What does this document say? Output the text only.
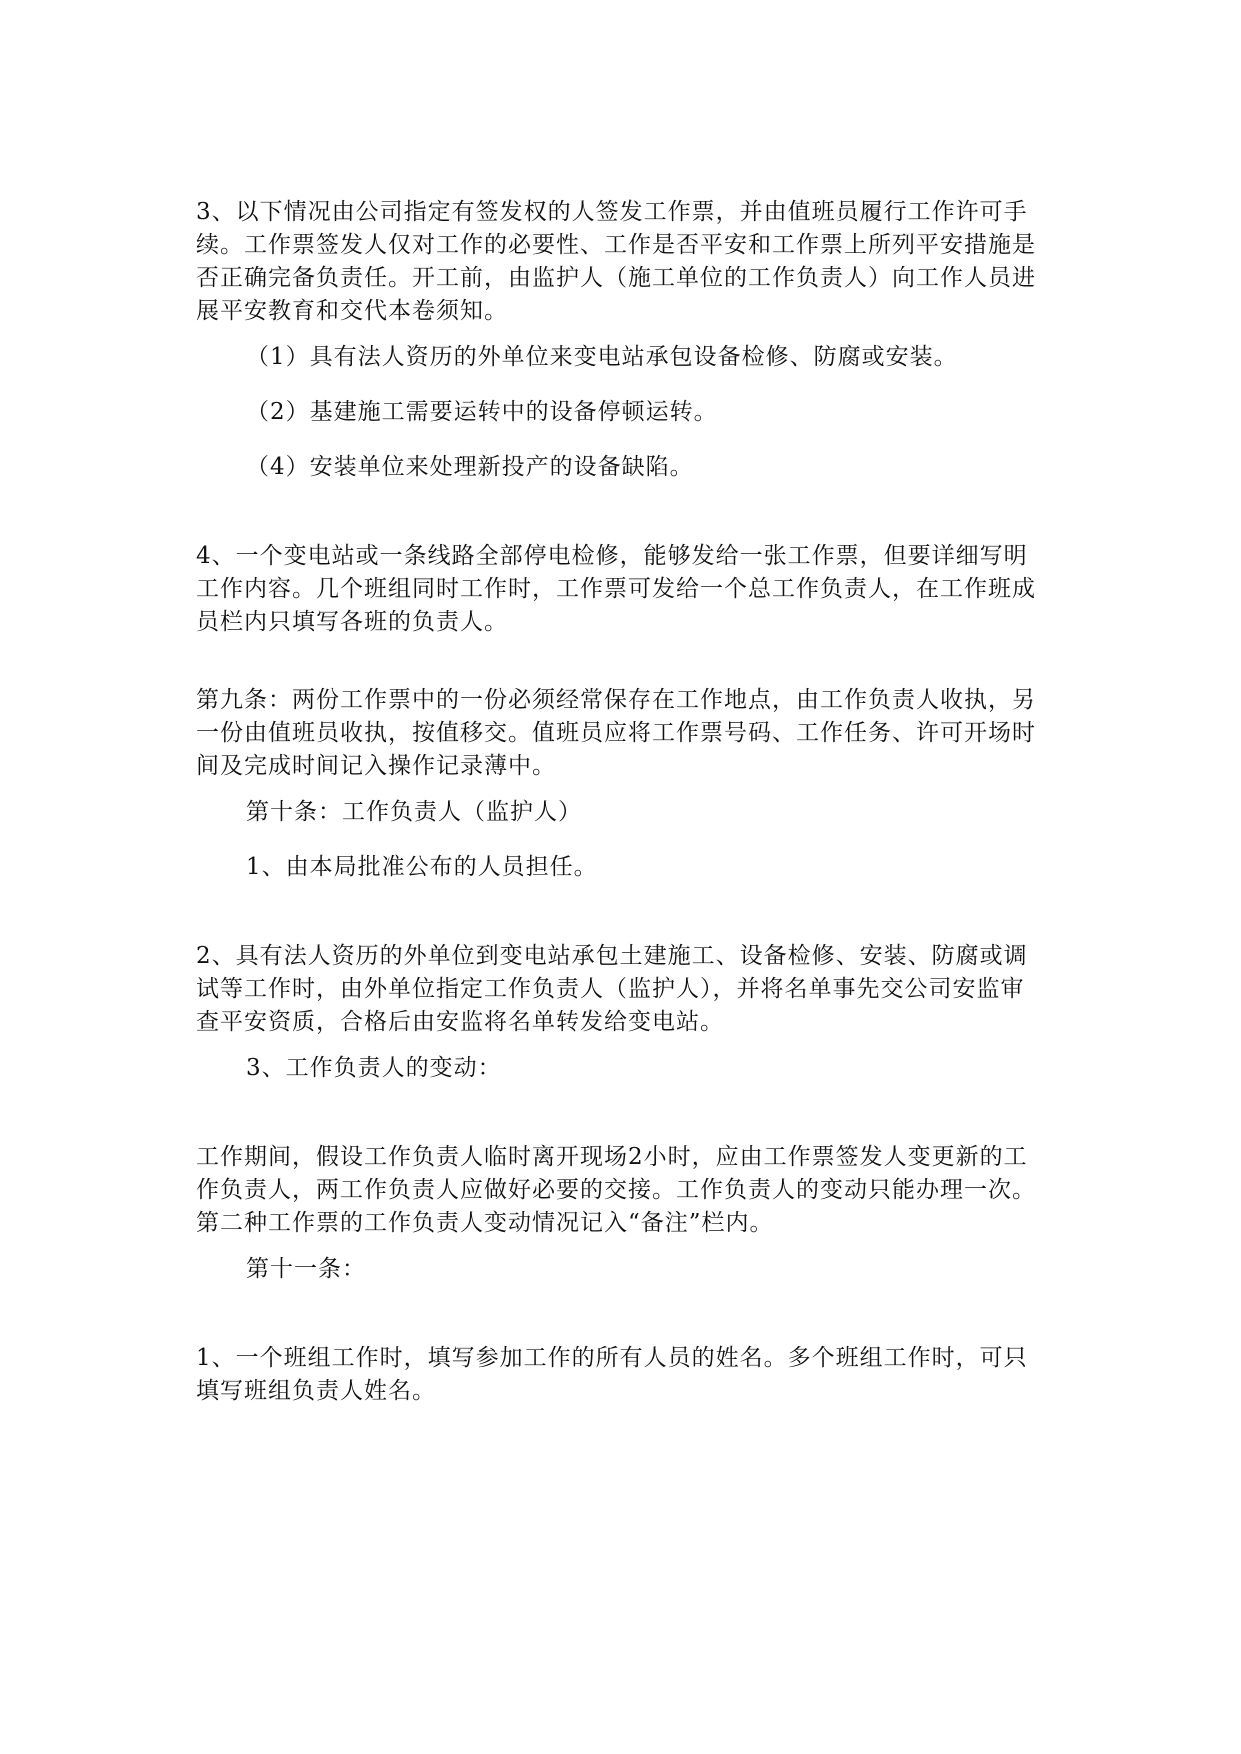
3、以下情况由公司指定有签发权的人签发工作票，并由值班员履行工作许可手续。工作票签发人仅对工作的必要性、工作是否平安和工作票上所列平安措施是否正确完备负责任。开工前，由监护人（施工单位的工作负责人）向工作人员进展平安教育和交代本卷须知。

（1）具有法人资历的外单位来变电站承包设备检修、防腐或安装。

（2）基建施工需要运转中的设备停顿运转。

（4）安装单位来处理新投产的设备缺陷。

4、一个变电站或一条线路全部停电检修，能够发给一张工作票，但要详细写明工作内容。几个班组同时工作时，工作票可发给一个总工作负责人，在工作班成员栏内只填写各班的负责人。

第九条：两份工作票中的一份必须经常保存在工作地点，由工作负责人收执，另一份由值班员收执，按值移交。值班员应将工作票号码、工作任务、许可开场时间及完成时间记入操作记录薄中。

第十条：工作负责人（监护人）

1、由本局批准公布的人员担任。

2、具有法人资历的外单位到变电站承包土建施工、设备检修、安装、防腐或调试等工作时，由外单位指定工作负责人（监护人），并将名单事先交公司安监审查平安资质，合格后由安监将名单转发给变电站。

3、工作负责人的变动：

工作期间，假设工作负责人临时离开现场2小时，应由工作票签发人变更新的工作负责人，两工作负责人应做好必要的交接。工作负责人的变动只能办理一次。第二种工作票的工作负责人变动情况记入“备注”栏内。

第十一条：

1、一个班组工作时，填写参加工作的所有人员的姓名。多个班组工作时，可只填写班组负责人姓名。
